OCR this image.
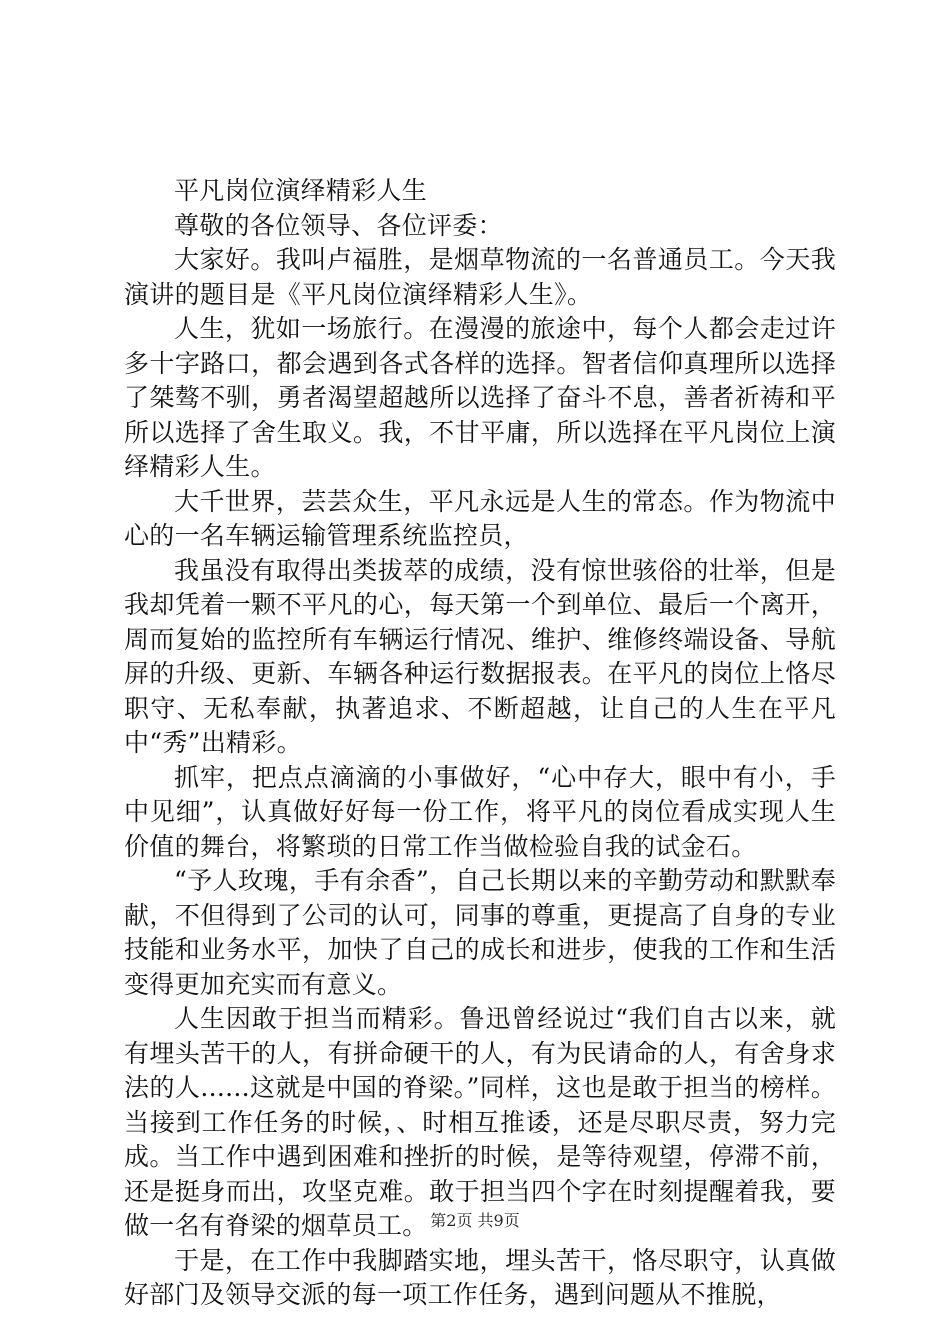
平凡岗位演绎精彩人生

尊敬的各位领导、各位评委：

大家好。我叫卢福胜，是烟草物流的一名普通员工。今天我演讲的题目是《平凡岗位演绎精彩人生》。

人生，犹如一场旅行。在漫漫的旅途中，每个人都会走过许多十字路口，都会遇到各式各样的选择。智者信仰真理所以选择了桀骜不驯，勇者渴望超越所以选择了奋斗不息，善者祈祷和平所以选择了舍生取义。我，不甘平庸，所以选择在平凡岗位上演绎精彩人生。

大千世界，芸芸众生，平凡永远是人生的常态。作为物流中心的一名车辆运输管理系统监控员，

我虽没有取得出类拔萃的成绩，没有惊世骇俗的壮举，但是我却凭着一颗不平凡的心，每天第一个到单位、最后一个离开，周而复始的监控所有车辆运行情况、维护、维修终端设备、导航屏的升级、更新、车辆各种运行数据报表。在平凡的岗位上恪尽职守、无私奉献，执著追求、不断超越，让自己的人生在平凡中“秀”出精彩。

抓牢，把点点滴滴的小事做好，“心中存大，眼中有小，手中见细”，认真做好好每一份工作，将平凡的岗位看成实现人生价值的舞台，将繁琐的日常工作当做检验自我的试金石。

“予人玫瑰，手有余香”，自己长期以来的辛勤劳动和默默奉献，不但得到了公司的认可，同事的尊重，更提高了自身的专业技能和业务水平，加快了自己的成长和进步，使我的工作和生活变得更加充实而有意义。

人生因敢于担当而精彩。鲁迅曾经说过“我们自古以来，就有埋头苦干的人，有拼命硬干的人，有为民请命的人，有舍身求法的人......这就是中国的脊梁。”同样，这也是敢于担当的榜样。当接到工作任务的时候，、时相互推诿，还是尽职尽责，努力完成。当工作中遇到困难和挫折的时候，是等待观望，停滞不前，还是挺身而出，攻坚克难。敢于担当四个字在时刻提醒着我，要做一名有脊梁的烟草员工。

于是，在工作中我脚踏实地，埋头苦干，恪尽职守，认真做好部门及领导交派的每一项工作任务，遇到问题从不推脱，

第2页 共9页
